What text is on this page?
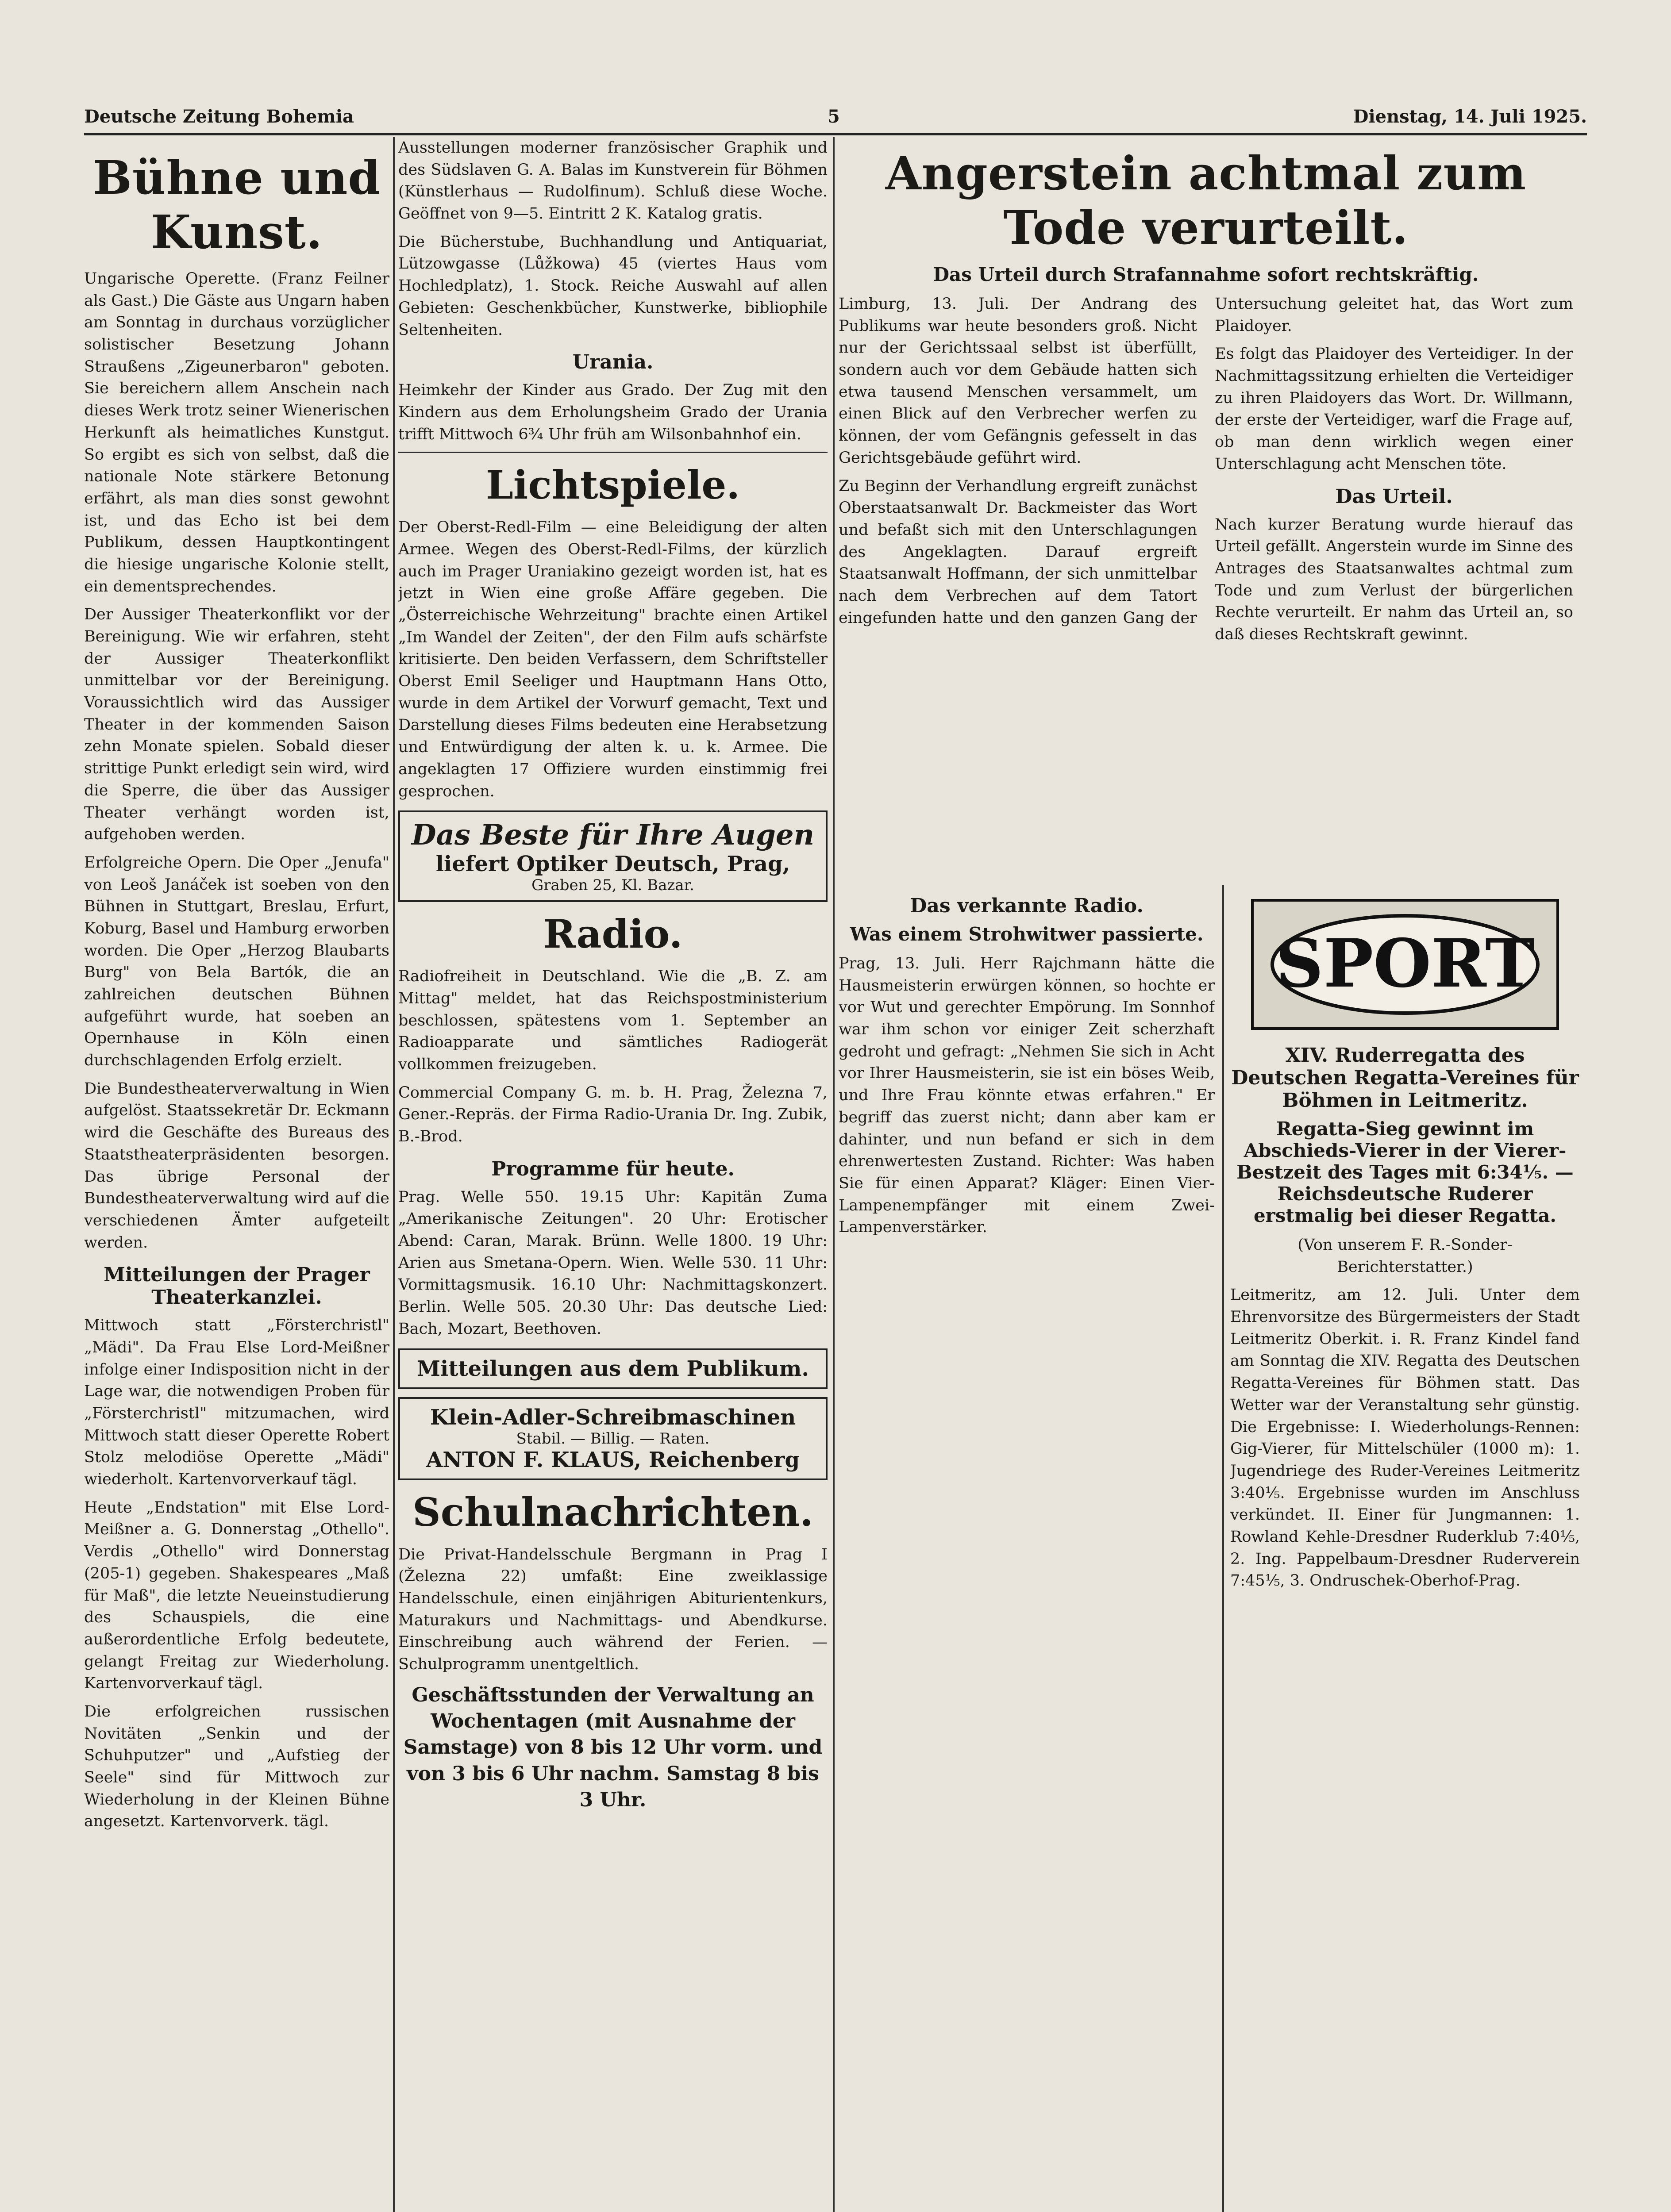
Deutsche Zeitung Bohemia	5	Dienstag, 14. Juli 1925.
Bühne und Kunst.

Ungarische Operette. (Franz Feilner als Gast.) Die Gäste aus Ungarn haben am Sonntag in durchaus vorzüglicher solistischer Besetzung Johann Straußens „Zigeunerbaron" geboten. Sie bereichern allem Anschein nach dieses Werk trotz seiner Wienerischen Herkunft als heimatliches Kunstgut. So ergibt es sich von selbst, daß die nationale Note stärkere Betonung erfährt, als man dies sonst gewohnt ist, und das Echo ist bei dem Publikum, dessen Hauptkontingent die hiesige ungarische Kolonie stellt, ein dementsprechendes.

Der Aussiger Theaterkonflikt vor der Bereinigung. Wie wir erfahren, steht der Aussiger Theaterkonflikt unmittelbar vor der Bereinigung. Voraussichtlich wird das Aussiger Theater in der kommenden Saison zehn Monate spielen. Sobald dieser strittige Punkt erledigt sein wird, wird die Sperre, die über das Aussiger Theater verhängt worden ist, aufgehoben werden.

Erfolgreiche Opern. Die Oper „Jenufa" von Leoš Janáček ist soeben von den Bühnen in Stuttgart, Breslau, Erfurt, Koburg, Basel und Hamburg erworben worden. Die Oper „Herzog Blaubarts Burg" von Bela Bartók, die an zahlreichen deutschen Bühnen aufgeführt wurde, hat soeben an Opernhause in Köln einen durchschlagenden Erfolg erzielt.

Die Bundestheaterverwaltung in Wien aufgelöst. Staatssekretär Dr. Eckmann wird die Geschäfte des Bureaus des Staatstheaterpräsidenten besorgen. Das übrige Personal der Bundestheaterverwaltung wird auf die verschiedenen Ämter aufgeteilt werden.

Mitteilungen der Prager Theaterkanzlei.

Mittwoch statt „Försterchristl" „Mädi". Da Frau Else Lord-Meißner infolge einer Indisposition nicht in der Lage war, die notwendigen Proben für „Försterchristl" mitzumachen, wird Mittwoch statt dieser Operette Robert Stolz melodiöse Operette „Mädi" wiederholt. Kartenvorverkauf tägl.

Heute „Endstation" mit Else Lord-Meißner a. G. Donnerstag „Othello". Verdis „Othello" wird Donnerstag (205-1) gegeben. Shakespeares „Maß für Maß", die letzte Neueinstudierung des Schauspiels, die eine außerordentliche Erfolg bedeutete, gelangt Freitag zur Wiederholung. Kartenvorverkauf tägl.

Die erfolgreichen russischen Novitäten „Senkin und der Schuhputzer" und „Aufstieg der Seele" sind für Mittwoch zur Wiederholung in der Kleinen Bühne angesetzt. Kartenvorverk. tägl.

Ausstellungen moderner französischer Graphik und des Südslaven G. A. Balas im Kunstverein für Böhmen (Künstlerhaus — Rudolfinum). Schluß diese Woche. Geöffnet von 9—5. Eintritt 2 K. Katalog gratis.

Die Bücherstube, Buchhandlung und Antiquariat, Lützowgasse (Lůžkowa) 45 (viertes Haus vom Hochledplatz), 1. Stock. Reiche Auswahl auf allen Gebieten: Geschenkbücher, Kunstwerke, bibliophile Seltenheiten.

Urania.

Heimkehr der Kinder aus Grado. Der Zug mit den Kindern aus dem Erholungsheim Grado der Urania trifft Mittwoch 6¾ Uhr früh am Wilsonbahnhof ein.

Lichtspiele.

Der Oberst-Redl-Film — eine Beleidigung der alten Armee. Wegen des Oberst-Redl-Films, der kürzlich auch im Prager Uraniakino gezeigt worden ist, hat es jetzt in Wien eine große Affäre gegeben. Die „Österreichische Wehrzeitung" brachte einen Artikel „Im Wandel der Zeiten", der den Film aufs schärfste kritisierte. Den beiden Verfassern, dem Schriftsteller Oberst Emil Seeliger und Hauptmann Hans Otto, wurde in dem Artikel der Vorwurf gemacht, Text und Darstellung dieses Films bedeuten eine Herabsetzung und Entwürdigung der alten k. u. k. Armee. Die angeklagten 17 Offiziere wurden einstimmig frei gesprochen.

Das Beste für Ihre Augen
liefert Optiker Deutsch, Prag,
Graben 25, Kl. Bazar.
Radio.

Radiofreiheit in Deutschland. Wie die „B. Z. am Mittag" meldet, hat das Reichspostministerium beschlossen, spätestens vom 1. September an Radioapparate und sämtliches Radiogerät vollkommen freizugeben.

Commercial Company G. m. b. H. Prag, Železna 7, Gener.-Repräs. der Firma Radio-Urania Dr. Ing. Zubik, B.-Brod.

Programme für heute.

Prag. Welle 550. 19.15 Uhr: Kapitän Zuma „Amerikanische Zeitungen". 20 Uhr: Erotischer Abend: Caran, Marak. Brünn. Welle 1800. 19 Uhr: Arien aus Smetana-Opern. Wien. Welle 530. 11 Uhr: Vormittagsmusik. 16.10 Uhr: Nachmittagskonzert. Berlin. Welle 505. 20.30 Uhr: Das deutsche Lied: Bach, Mozart, Beethoven.

Mitteilungen aus dem Publikum.
Klein-Adler-Schreibmaschinen
Stabil. — Billig. — Raten.
ANTON F. KLAUS, Reichenberg
Schulnachrichten.

Die Privat-Handelsschule Bergmann in Prag I (Železna 22) umfaßt: Eine zweiklassige Handelsschule, einen einjährigen Abiturientenkurs, Maturakurs und Nachmittags- und Abendkurse. Einschreibung auch während der Ferien. — Schulprogramm unentgeltlich.

Geschäftsstunden der Verwaltung an Wochentagen (mit Ausnahme der Samstage) von 8 bis 12 Uhr vorm. und von 3 bis 6 Uhr nachm. Samstag 8 bis 3 Uhr.

Angerstein achtmal zum Tode verurteilt.
Das Urteil durch Strafannahme sofort rechtskräftig.

Limburg, 13. Juli. Der Andrang des Publikums war heute besonders groß. Nicht nur der Gerichtssaal selbst ist überfüllt, sondern auch vor dem Gebäude hatten sich etwa tausend Menschen versammelt, um einen Blick auf den Verbrecher werfen zu können, der vom Gefängnis gefesselt in das Gerichtsgebäude geführt wird.

Zu Beginn der Verhandlung ergreift zunächst Oberstaatsanwalt Dr. Backmeister das Wort und befaßt sich mit den Unterschlagungen des Angeklagten. Darauf ergreift Staatsanwalt Hoffmann, der sich unmittelbar nach dem Verbrechen auf dem Tatort eingefunden hatte und den ganzen Gang der Untersuchung geleitet hat, das Wort zum Plaidoyer.

Es folgt das Plaidoyer des Verteidiger. In der Nachmittagssitzung erhielten die Verteidiger zu ihren Plaidoyers das Wort. Dr. Willmann, der erste der Verteidiger, warf die Frage auf, ob man denn wirklich wegen einer Unterschlagung acht Menschen töte.

Das Urteil.

Nach kurzer Beratung wurde hierauf das Urteil gefällt. Angerstein wurde im Sinne des Antrages des Staatsanwaltes achtmal zum Tode und zum Verlust der bürgerlichen Rechte verurteilt. Er nahm das Urteil an, so daß dieses Rechtskraft gewinnt.

Das verkannte Radio.
Was einem Strohwitwer passierte.

Prag, 13. Juli. Herr Rajchmann hätte die Hausmeisterin erwürgen können, so hochte er vor Wut und gerechter Empörung. Im Sonnhof war ihm schon vor einiger Zeit scherzhaft gedroht und gefragt: „Nehmen Sie sich in Acht vor Ihrer Hausmeisterin, sie ist ein böses Weib, und Ihre Frau könnte etwas erfahren." Er begriff das zuerst nicht; dann aber kam er dahinter, und nun befand er sich in dem ehrenwertesten Zustand. Richter: Was haben Sie für einen Apparat? Kläger: Einen Vier-Lampenempfänger mit einem Zwei-Lampenverstärker.

SPORT
XIV. Ruderregatta des Deutschen Regatta-Vereines für Böhmen in Leitmeritz.
Regatta-Sieg gewinnt im Abschieds-Vierer in der Vierer-Bestzeit des Tages mit 6:34¹⁄₅. — Reichsdeutsche Ruderer erstmalig bei dieser Regatta.

(Von unserem F. R.-Sonder-Berichterstatter.)

Leitmeritz, am 12. Juli. Unter dem Ehrenvorsitze des Bürgermeisters der Stadt Leitmeritz Oberkit. i. R. Franz Kindel fand am Sonntag die XIV. Regatta des Deutschen Regatta-Vereines für Böhmen statt. Das Wetter war der Veranstaltung sehr günstig. Die Ergebnisse: I. Wiederholungs-Rennen: Gig-Vierer, für Mittelschüler (1000 m): 1. Jugendriege des Ruder-Vereines Leitmeritz 3:40¹⁄₅. Ergebnisse wurden im Anschluss verkündet. II. Einer für Jungmannen: 1. Rowland Kehle-Dresdner Ruderklub 7:40¹⁄₅, 2. Ing. Pappelbaum-Dresdner Ruderverein 7:45¹⁄₅, 3. Ondruschek-Oberhof-Prag.
